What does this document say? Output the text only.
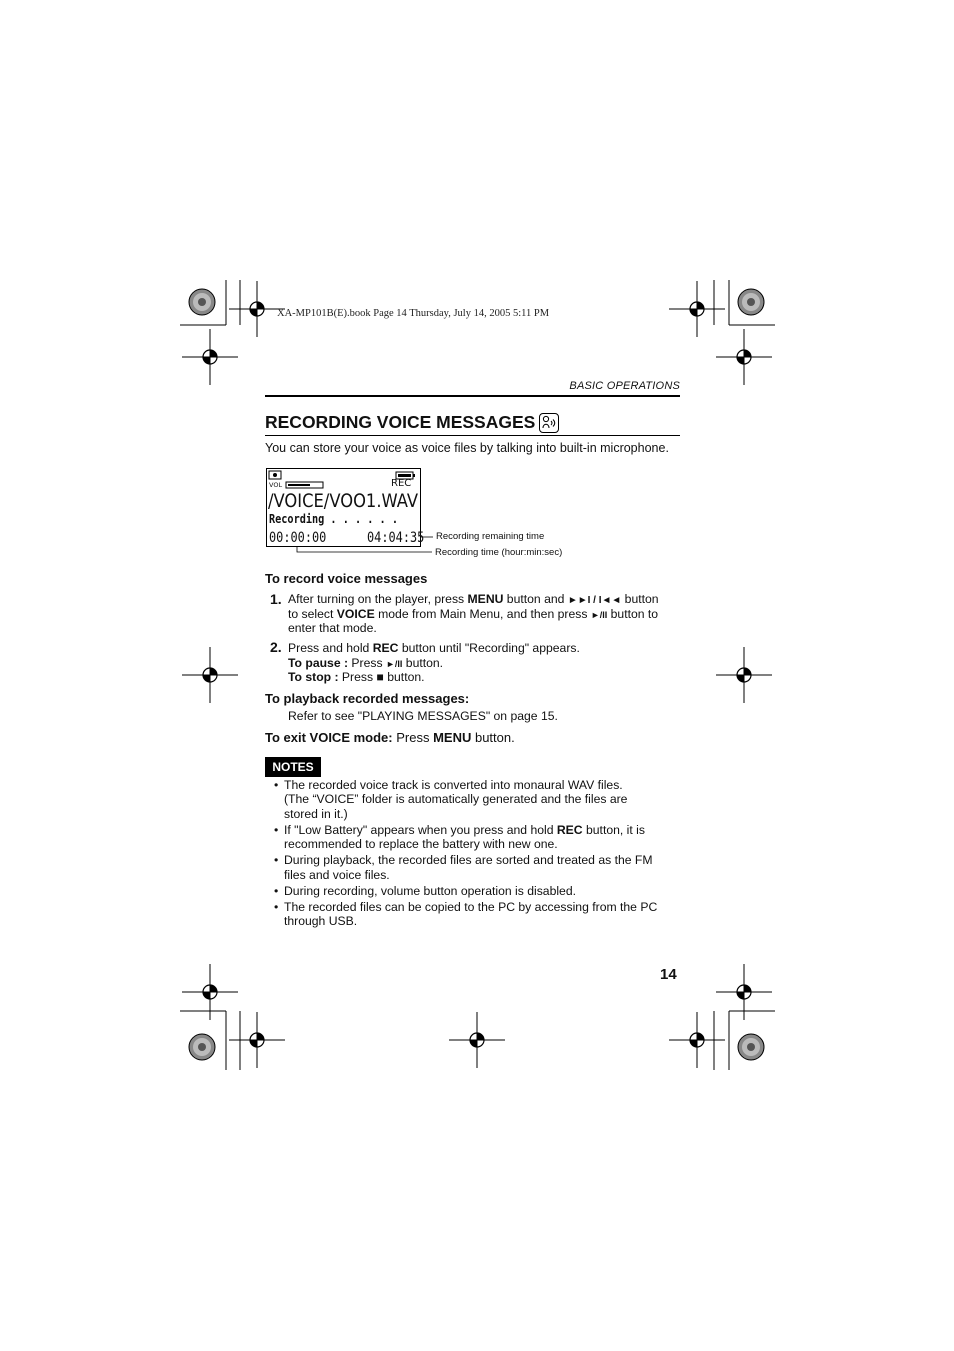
XA-MP101B(E).book Page 14 Thursday, July 14, 2005 5:11 PM
BASIC OPERATIONS
RECORDING VOICE MESSAGES
You can store your voice as voice files by talking into built-in microphone.
REC
VOL
/VOICE/VOO1.WAV
Recording . . . . . .
00:00:00	04:04:35 Recording remaining time
Recording time (hour:min:sec)
To record voice messages
1. After turning on the player, press MENU button and ►►I / I◄◄ button
to select VOICE mode from Main Menu, and then press ►/II button to
enter that mode.
2. Press and hold REC button until "Recording" appears.
To pause : Press ►/II button.
To stop : Press ■ button.
To playback recorded messages:
Refer to see "PLAYING MESSAGES" on page 15.
To exit VOICE mode: Press MENU button.
NOTES
• The recorded voice track is converted into monaural WAV files.
(The “VOICE” folder is automatically generated and the files are
stored in it.)
• If "Low Battery" appears when you press and hold REC button, it is
recommended to replace the battery with new one.
• During playback, the recorded files are sorted and treated as the FM
files and voice files.
• During recording, volume button operation is disabled.
• The recorded files can be copied to the PC by accessing from the PC
through USB.
14
